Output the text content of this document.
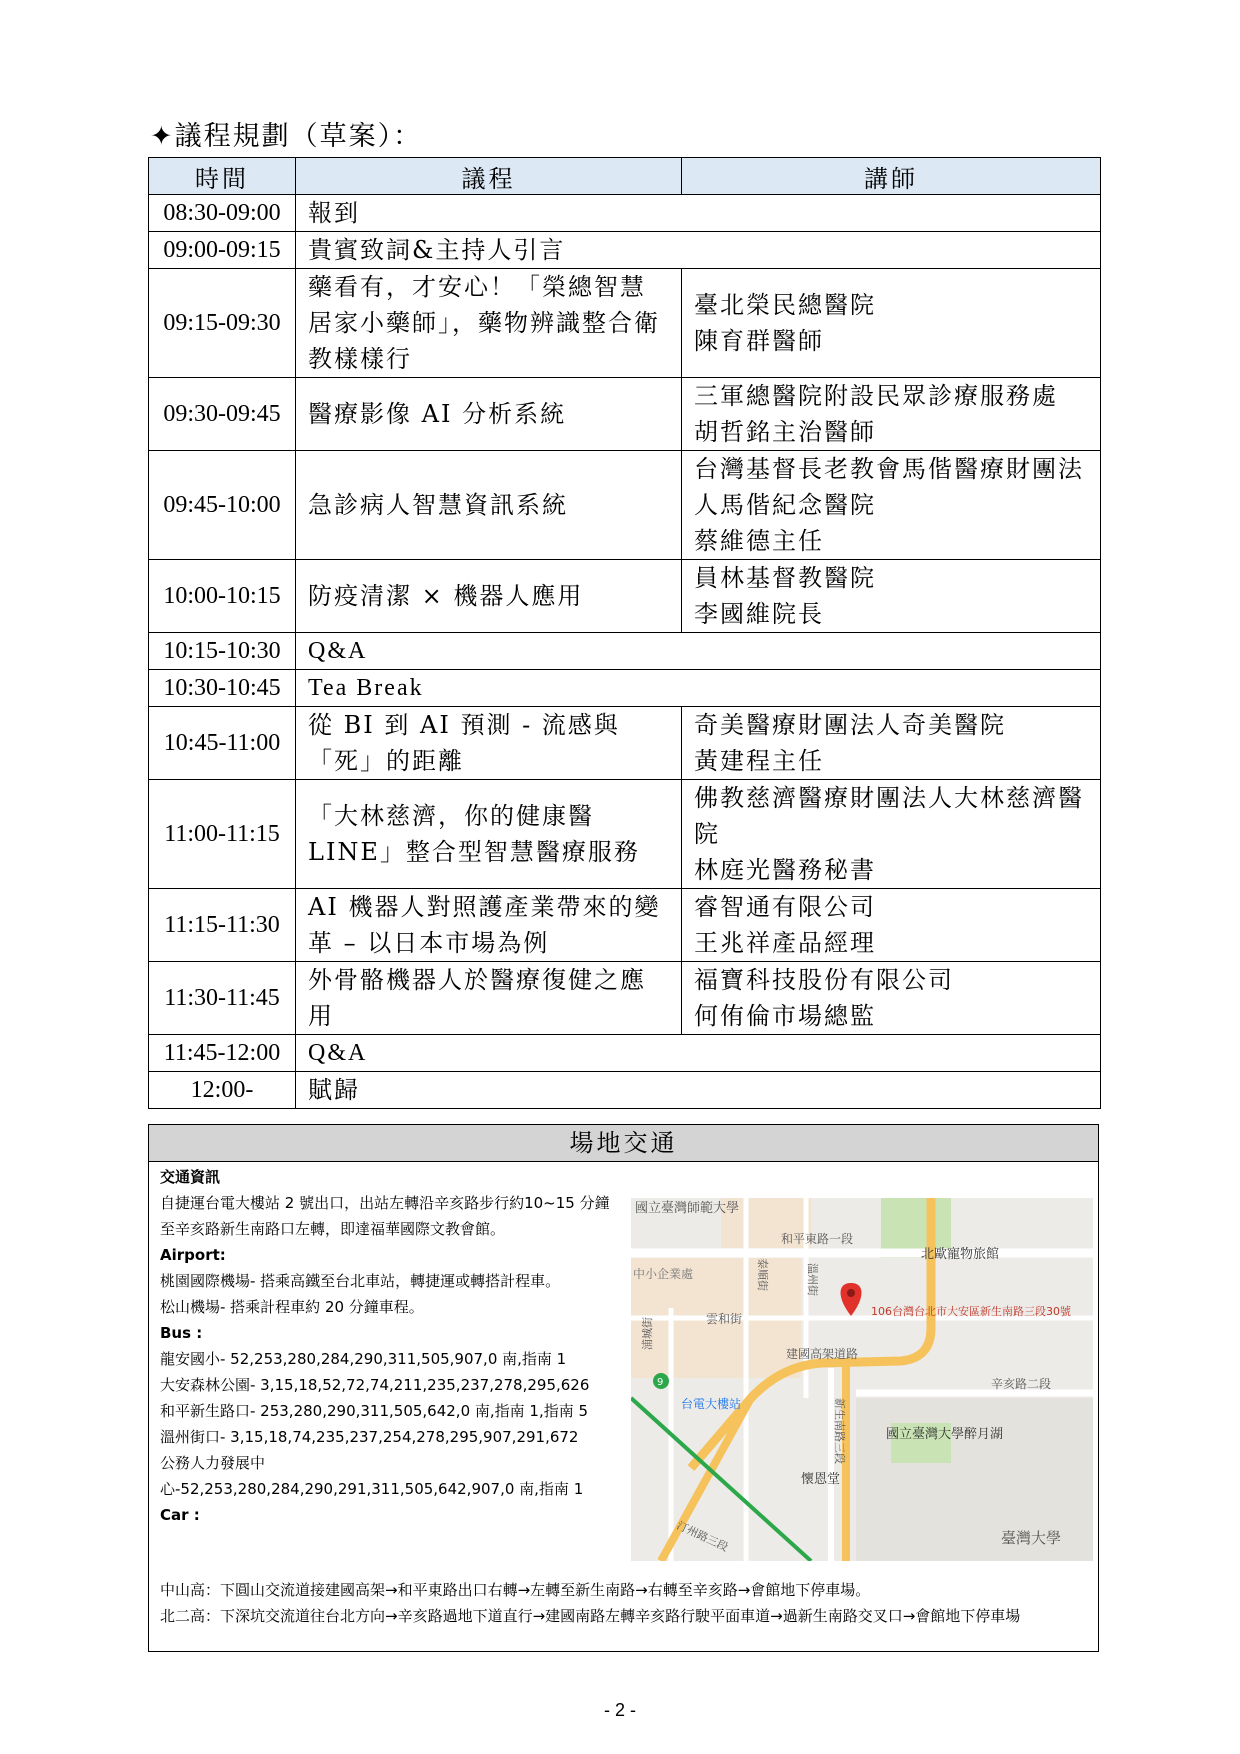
✦議程規劃（草案）：
時間	議程	講師
08:30-09:00	報到	
09:00-09:15	貴賓致詞&主持人引言	
09:15-09:30	藥看有，才安心！「榮總智慧居家小藥師」，藥物辨識整合衛教樣樣行	臺北榮民總醫院
陳育群醫師
09:30-09:45	醫療影像 AI 分析系統	三軍總醫院附設民眾診療服務處
胡哲銘主治醫師
09:45-10:00	急診病人智慧資訊系統	台灣基督長老教會馬偕醫療財團法人馬偕紀念醫院
蔡維德主任
10:00-10:15	防疫清潔 × 機器人應用	員林基督教醫院
李國維院長
10:15-10:30	Q&A	
10:30-10:45	Tea Break	
10:45-11:00	從 BI 到 AI 預測 - 流感與「死」的距離	奇美醫療財團法人奇美醫院
黃建程主任
11:00-11:15	「大林慈濟，你的健康醫 LINE」整合型智慧醫療服務	佛教慈濟醫療財團法人大林慈濟醫院
林庭光醫務秘書
11:15-11:30	AI 機器人對照護產業帶來的變革 – 以日本市場為例	睿智通有限公司
王兆祥產品經理
11:30-11:45	外骨骼機器人於醫療復健之應用	福寶科技股份有限公司
何侑倫市場總監
11:45-12:00	Q&A	
12:00-	賦歸	
場地交通

交通資訊

自捷運台電大樓站 2 號出口，出站左轉沿辛亥路步行約10~15 分鐘至辛亥路新生南路口左轉，即達福華國際文教會館。

Airport:

桃園國際機場- 搭乘高鐵至台北車站，轉捷運或轉搭計程車。

松山機場- 搭乘計程車約 20 分鐘車程。

Bus :

龍安國小- 52,253,280,284,290,311,505,907,0 南,指南 1

大安森林公園- 3,15,18,52,72,74,211,235,237,278,295,626

和平新生路口- 253,280,290,311,505,642,0 南,指南 1,指南 5

溫州街口- 3,15,18,74,235,237,254,278,295,907,291,672

公務人力發展中心-52,253,280,284,290,291,311,505,642,907,0 南,指南 1

Car :

國立臺灣師範大學
和平東路一段
北歐寵物旅館
中小企業處
雲和街
浦城街
泰順街	溫州街
106台灣台北市大安區新生南路三段30號
建國高架道路
辛亥路二段
台電大樓站	新生南路三段	國立臺灣大學醉月湖
懷恩堂
臺灣大學
汀州路三段
9

中山高：下圓山交流道接建國高架→和平東路出口右轉→左轉至新生南路→右轉至辛亥路→會館地下停車場。

北二高：下深坑交流道往台北方向→辛亥路過地下道直行→建國南路左轉辛亥路行駛平面車道→過新生南路交叉口→會館地下停車場

- 2 -
